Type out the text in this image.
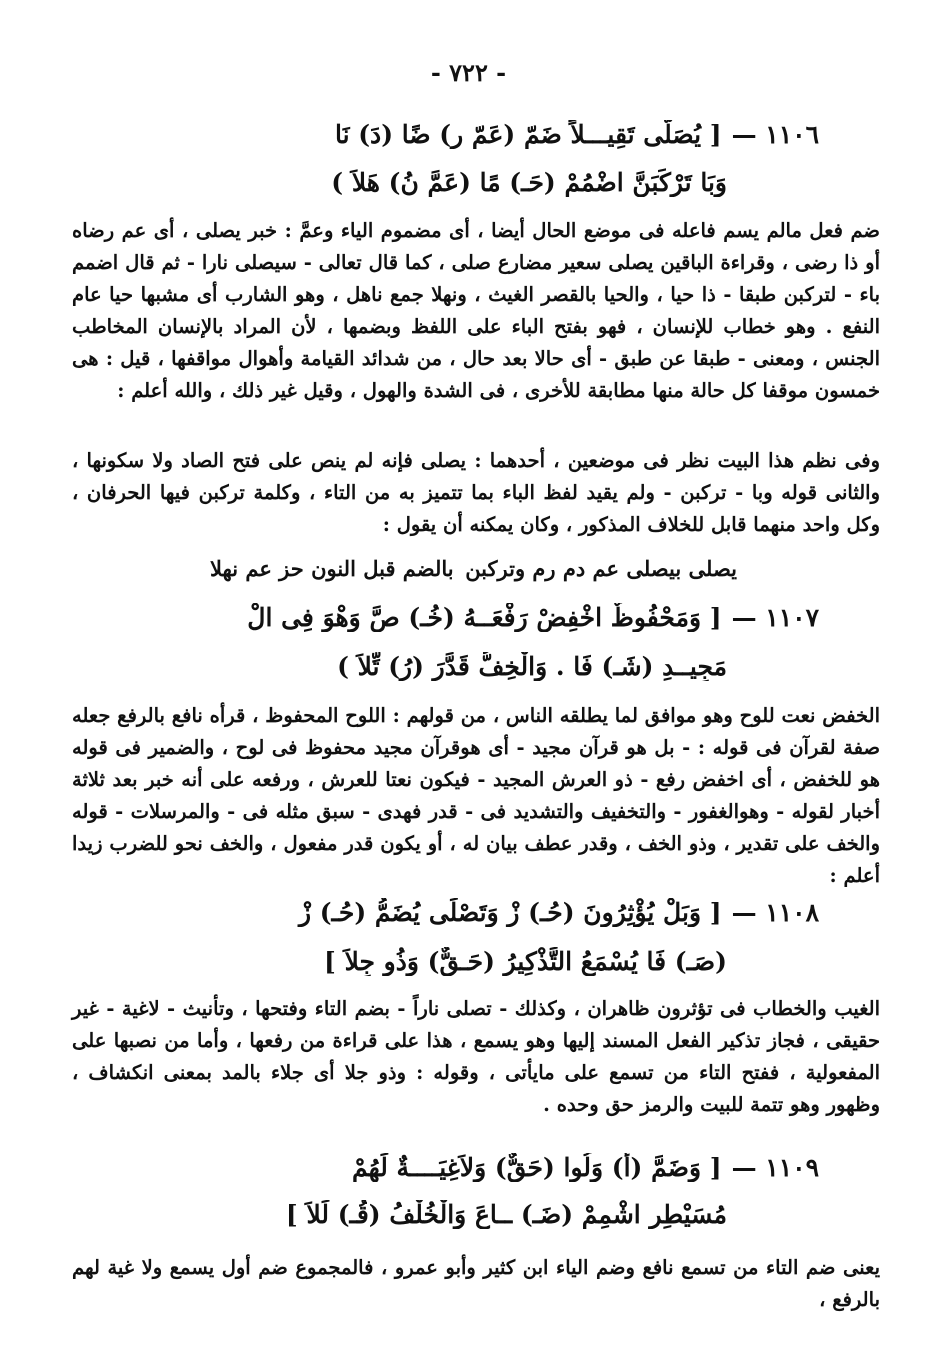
- ٧٢٢ -
١١٠٦ —[ يُصَلَّى تَقِيـــلاً ضَمّ (عَمّ رِ) ضًا (دَ) نَا
وَبَا تَرْكَبَنَّ اضْمُمْ (حَـ) مًا (عَمَّ نُ) هَلاَ )
ضم فعل مالم يسم فاعله فى موضع الحال أيضا ، أى مضموم الياء وعمَّ : خبر يصلى ، أى عم رضاه أو ذا رضى ، وقراءة الباقين يصلى سعير مضارع صلى ، كما قال تعالى - سيصلى نارا - ثم قال اضمم باء - لتركبن طبقا - ذا حيا ، والحيا بالقصر الغيث ، ونهلا جمع ناهل ، وهو الشارب أى مشبها حيا عام النفع . وهو خطاب للإنسان ، فهو بفتح الباء على اللفظ وبضمها ، لأن المراد بالإنسان المخاطب الجنس ، ومعنى - طبقا عن طبق - أى حالا بعد حال ، من شدائد القيامة وأهوال مواقفها ، قيل : هى خمسون موقفا كل حالة منها مطابقة للأخرى ، فى الشدة والهول ، وقيل غير ذلك ، والله أعلم :
وفى نظم هذا البيت نظر فى موضعين ، أحدهما : يصلى فإنه لم ينص على فتح الصاد ولا سكونها ، والثانى قوله وبا - تركبن - ولم يقيد لفظ الباء بما تتميز به من التاء ، وكلمة تركبن فيها الحرفان ، وكل واحد منهما قابل للخلاف المذكور ، وكان يمكنه أن يقول :
يصلى بيصلى عم دم رم وتركبن
بالضم قبل النون حز عم نهلا
١١٠٧ —[ وَمَحْفُوظٌ اخْفِضْ رَفْعَــهُ (خُـ) صَّ وَهْوَ فِى الْ
مَجِيــدِ (شَـ) فَا . وَالْخِفُّ قَدَّرَ (رُ) تِّلاَ )
الخفض نعت للوح وهو موافق لما يطلقه الناس ، من قولهم : اللوح المحفوظ ، قرأه نافع بالرفع جعله صفة لقرآن فى قوله : - بل هو قرآن مجيد - أى هوقرآن مجيد محفوظ فى لوح ، والضمير فى قوله هو للخفض ، أى اخفض رفع - ذو العرش المجيد - فيكون نعتا للعرش ، ورفعه على أنه خبر بعد ثلاثة أخبار لقوله - وهوالغفور - والتخفيف والتشديد فى - قدر فهدى - سبق مثله فى - والمرسلات - قوله والخف على تقدير ، وذو الخف ، وقدر عطف بيان له ، أو يكون قدر مفعول ، والخف نحو للضرب زيدا أعلم :
١١٠٨ —[ وَبَلْ يُؤْثِرُونَ (حُـ) زْ وَتَصْلَى يُضَمُّ (حُـ) زْ
(صَـ) فَا يُسْمَعُ التَّذْكِيرُ (حَـقٌّ) وَذُو جِلاَ ]
الغيب والخطاب فى تؤثرون ظاهران ، وكذلك - تصلى ناراً - بضم التاء وفتحها ، وتأنيث - لاغية - غير حقيقى ، فجاز تذكير الفعل المسند إليها وهو يسمع ، هذا على قراءة من رفعها ، وأما من نصبها على المفعولية ، ففتح التاء من تسمع على مايأتى ، وقوله : وذو جلا أى جلاء بالمد بمعنى انكشاف ، وظهور وهو تتمة للبيت والرمز حق وحده .
١١٠٩ —[ وَضَمَّ (أَ) وَلُوا (حَقٌّ) وَلاَغِيَــــةٌ لَهُمْ
مُسَيْطِرِ اشْمِمْ (ضَـ) ــاعَ وَالْخُلْفُ (قُـ) لِّلاَ ]
يعنى ضم التاء من تسمع نافع وضم الياء ابن كثير وأبو عمرو ، فالمجموع ضم أول يسمع ولا غية لهم بالرفع ،
